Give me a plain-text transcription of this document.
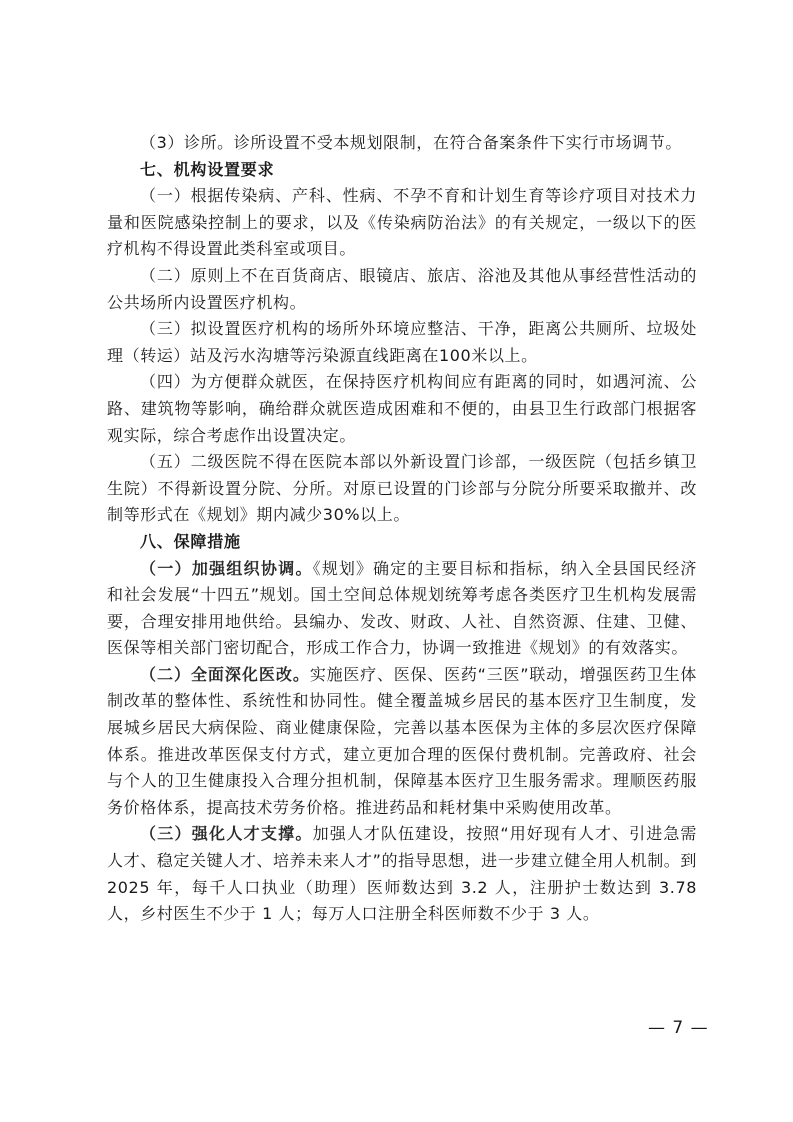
（3）诊所。诊所设置不受本规划限制，在符合备案条件下实行市场调节。

七、机构设置要求

（一）根据传染病、产科、性病、不孕不育和计划生育等诊疗项目对技术力量和医院感染控制上的要求，以及《传染病防治法》的有关规定，一级以下的医疗机构不得设置此类科室或项目。

（二）原则上不在百货商店、眼镜店、旅店、浴池及其他从事经营性活动的公共场所内设置医疗机构。

（三）拟设置医疗机构的场所外环境应整洁、干净，距离公共厕所、垃圾处理（转运）站及污水沟塘等污染源直线距离在100米以上。

（四）为方便群众就医，在保持医疗机构间应有距离的同时，如遇河流、公路、建筑物等影响，确给群众就医造成困难和不便的，由县卫生行政部门根据客观实际，综合考虑作出设置决定。

（五）二级医院不得在医院本部以外新设置门诊部，一级医院（包括乡镇卫生院）不得新设置分院、分所。对原已设置的门诊部与分院分所要采取撤并、改制等形式在《规划》期内减少30%以上。

八、保障措施

（一）加强组织协调。《规划》确定的主要目标和指标，纳入全县国民经济和社会发展“十四五”规划。国土空间总体规划统筹考虑各类医疗卫生机构发展需要，合理安排用地供给。县编办、发改、财政、人社、自然资源、住建、卫健、医保等相关部门密切配合，形成工作合力，协调一致推进《规划》的有效落实。

（二）全面深化医改。实施医疗、医保、医药“三医”联动，增强医药卫生体制改革的整体性、系统性和协同性。健全覆盖城乡居民的基本医疗卫生制度，发展城乡居民大病保险、商业健康保险，完善以基本医保为主体的多层次医疗保障体系。推进改革医保支付方式，建立更加合理的医保付费机制。完善政府、社会与个人的卫生健康投入合理分担机制，保障基本医疗卫生服务需求。理顺医药服务价格体系，提高技术劳务价格。推进药品和耗材集中采购使用改革。

（三）强化人才支撑。加强人才队伍建设，按照“用好现有人才、引进急需人才、稳定关键人才、培养未来人才”的指导思想，进一步建立健全用人机制。到 2025 年，每千人口执业（助理）医师数达到 3.2 人，注册护士数达到 3.78 人，乡村医生不少于 1 人；每万人口注册全科医师数不少于 3 人。

— 7 —
